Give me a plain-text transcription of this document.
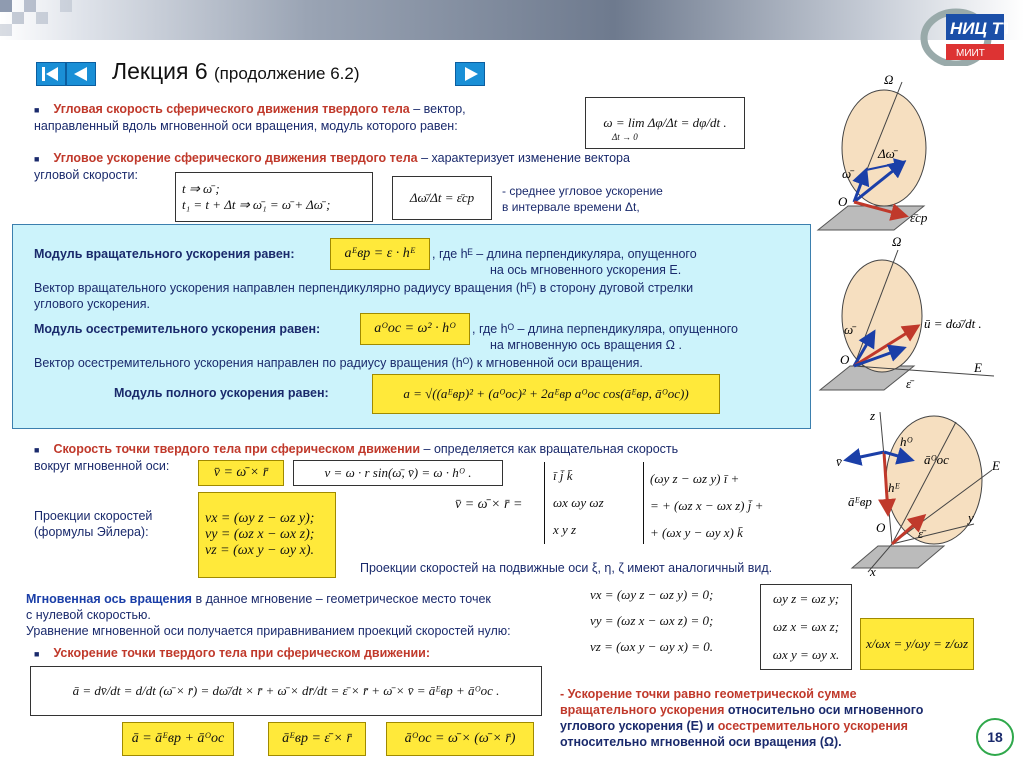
НИЦ ТТ
МИИТ
Лекция 6 (продолжение 6.2)
■ Угловая скорость сферического движения твердого тела – вектор,
направленный вдоль мгновенной оси вращения, модуль которого равен:	ω = lim Δφ/Δt = dφ/dt .
Δt → 0
■ Угловое ускорение сферического движения твердого тела – характеризует изменение вектора
угловой скорости:
t ⇒ ω̄ ;
t₁ = t + Δt ⇒ ω̄₁ = ω̄ + Δω̄ ;	Δω̄/Δt = ε̄ср - среднее угловое ускорение
в интервале времени Δt,
Модуль вращательного ускорения равен:	aᴱвр = ε · hᴱ , где hᴱ – длина перпендикуляра, опущенного
на ось мгновенного ускорения E.
Вектор вращательного ускорения направлен перпендикулярно радиусу вращения (hᴱ) в сторону дуговой стрелки
углового ускорения.
Модуль осестремительного ускорения равен:	aᴼос = ω² · hᴼ , где hᴼ – длина перпендикуляра, опущенного
на мгновенную ось вращения Ω .
Вектор осестремительного ускорения направлен по радиусу вращения (hᴼ) к мгновенной оси вращения.
Модуль полного ускорения равен:	a = √((aᴱвр)² + (aᴼос)² + 2aᴱвр aᴼос cos(āᴱвр, āᴼос))
■ Скорость точки твердого тела при сферическом движении – определяется как вращательная скорость
вокруг мгновенной оси:	v̄ = ω̄ × r̄	v = ω · r sin(ω̄, v̄) = ω · hᴼ .
Проекции скоростей
(формулы Эйлера):
vx = (ωy z − ωz y);
vy = (ωz x − ωx z);
vz = (ωx y − ωy x).
v̄ = ω̄ × r̄ =
ī j̄ k̄
ωx ωy ωz
x y z
(ωy z − ωz y) ī +
= + (ωz x − ωx z) j̄ +
+ (ωx y − ωy x) k̄
Проекции скоростей на подвижные оси ξ, η, ζ имеют аналогичный вид.
Мгновенная ось вращения в данное мгновение – геометрическое место точек
с нулевой скоростью.
Уравнение мгновенной оси получается приравниванием проекций скоростей нулю:
vx = (ωy z − ωz y) = 0;
vy = (ωz x − ωx z) = 0;
vz = (ωx y − ωy x) = 0.
ωy z = ωz y;
ωz x = ωx z;
ωx y = ωy x.
x/ωx = y/ωy = z/ωz
■ Ускорение точки твердого тела при сферическом движении:
ā = dv̄/dt = d/dt (ω̄ × r̄) = dω̄/dt × r̄ + ω̄ × dr̄/dt = ε̄ × r̄ + ω̄ × v̄ = āᴱвр + āᴼос .
ā = āᴱвр + āᴼос	āᴱвр = ε̄ × r̄	āᴼос = ω̄ × (ω̄ × r̄)
- Ускорение точки равно геометрической сумме
вращательного ускорения относительно оси мгновенного
углового ускорения (E) и осестремительного ускорения
относительно мгновенной оси вращения (Ω).
Ω
Δω̄
ω̄
O
ε̄ср
Ω
ū = dω̄/dt .
ω̄
O
E
ε̄
z
y
x
E
v̄
hᴼ
āᴼос
āᴱвр
hᴱ
O	ε̄
18
